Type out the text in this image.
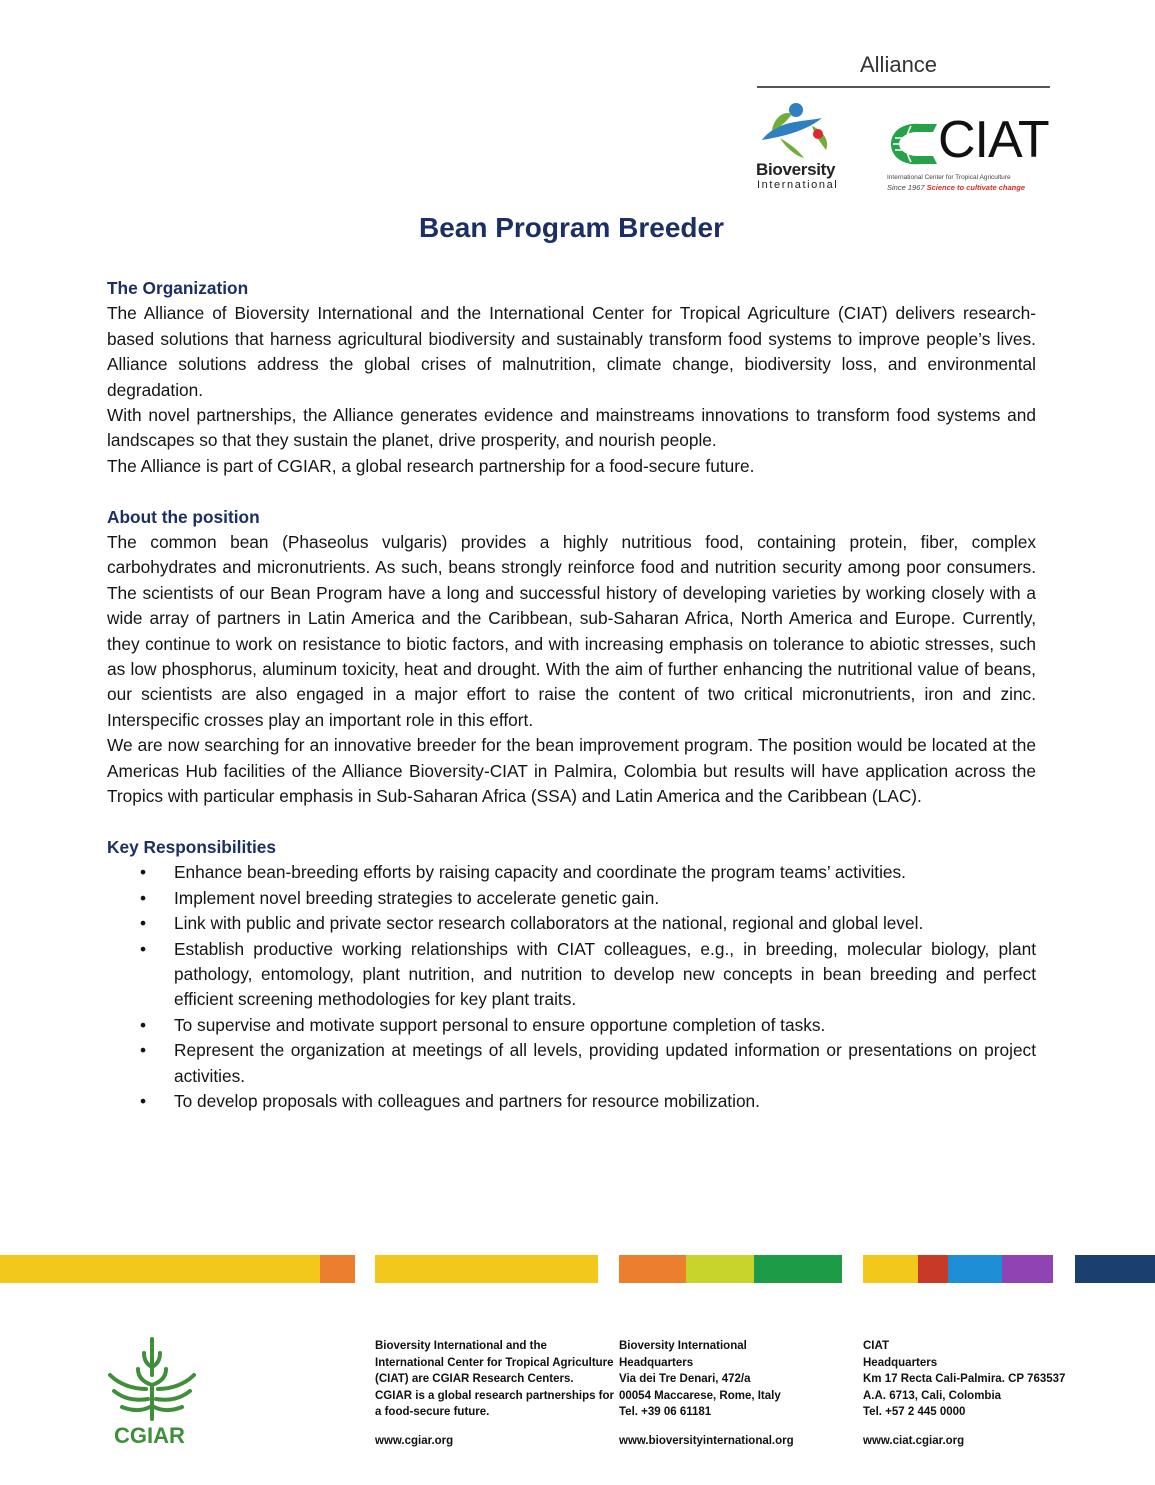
Alliance
Bioversity
International
CIAT
International Center for Tropical Agriculture
Since 1967 Science to cultivate change
Bean Program Breeder
The Organization

The Alliance of Bioversity International and the International Center for Tropical Agriculture (CIAT) delivers research-based solutions that harness agricultural biodiversity and sustainably transform food systems to improve people’s lives. Alliance solutions address the global crises of malnutrition, climate change, biodiversity loss, and environmental degradation.

With novel partnerships, the Alliance generates evidence and mainstreams innovations to transform food systems and landscapes so that they sustain the planet, drive prosperity, and nourish people.

The Alliance is part of CGIAR, a global research partnership for a food-secure future.

About the position

The common bean (Phaseolus vulgaris) provides a highly nutritious food, containing protein, fiber, complex carbohydrates and micronutrients. As such, beans strongly reinforce food and nutrition security among poor consumers. The scientists of our Bean Program have a long and successful history of developing varieties by working closely with a wide array of partners in Latin America and the Caribbean, sub-Saharan Africa, North America and Europe. Currently, they continue to work on resistance to biotic factors, and with increasing emphasis on tolerance to abiotic stresses, such as low phosphorus, aluminum toxicity, heat and drought. With the aim of further enhancing the nutritional value of beans, our scientists are also engaged in a major effort to raise the content of two critical micronutrients, iron and zinc. Interspecific crosses play an important role in this effort.

We are now searching for an innovative breeder for the bean improvement program. The position would be located at the Americas Hub facilities of the Alliance Bioversity-CIAT in Palmira, Colombia but results will have application across the Tropics with particular emphasis in Sub-Saharan Africa (SSA) and Latin America and the Caribbean (LAC).

Key Responsibilities
• Enhance bean-breeding efforts by raising capacity and coordinate the program teams’ activities.
• Implement novel breeding strategies to accelerate genetic gain.
• Link with public and private sector research collaborators at the national, regional and global level.
• Establish productive working relationships with CIAT colleagues, e.g., in breeding, molecular biology, plant pathology, entomology, plant nutrition, and nutrition to develop new concepts in bean breeding and perfect efficient screening methodologies for key plant traits.
• To supervise and motivate support personal to ensure opportune completion of tasks.
• Represent the organization at meetings of all levels, providing updated information or presentations on project activities.
• To develop proposals with colleagues and partners for resource mobilization.
CGIAR
Bioversity International and the
International Center for Tropical Agriculture
(CIAT) are CGIAR Research Centers.
CGIAR is a global research partnerships for
a food-secure future.
www.cgiar.org
Bioversity International
Headquarters
Via dei Tre Denari, 472/a
00054 Maccarese, Rome, Italy
Tel. +39 06 61181
www.bioversityinternational.org
CIAT
Headquarters
Km 17 Recta Cali-Palmira. CP 763537
A.A. 6713, Cali, Colombia
Tel. +57 2 445 0000
www.ciat.cgiar.org
